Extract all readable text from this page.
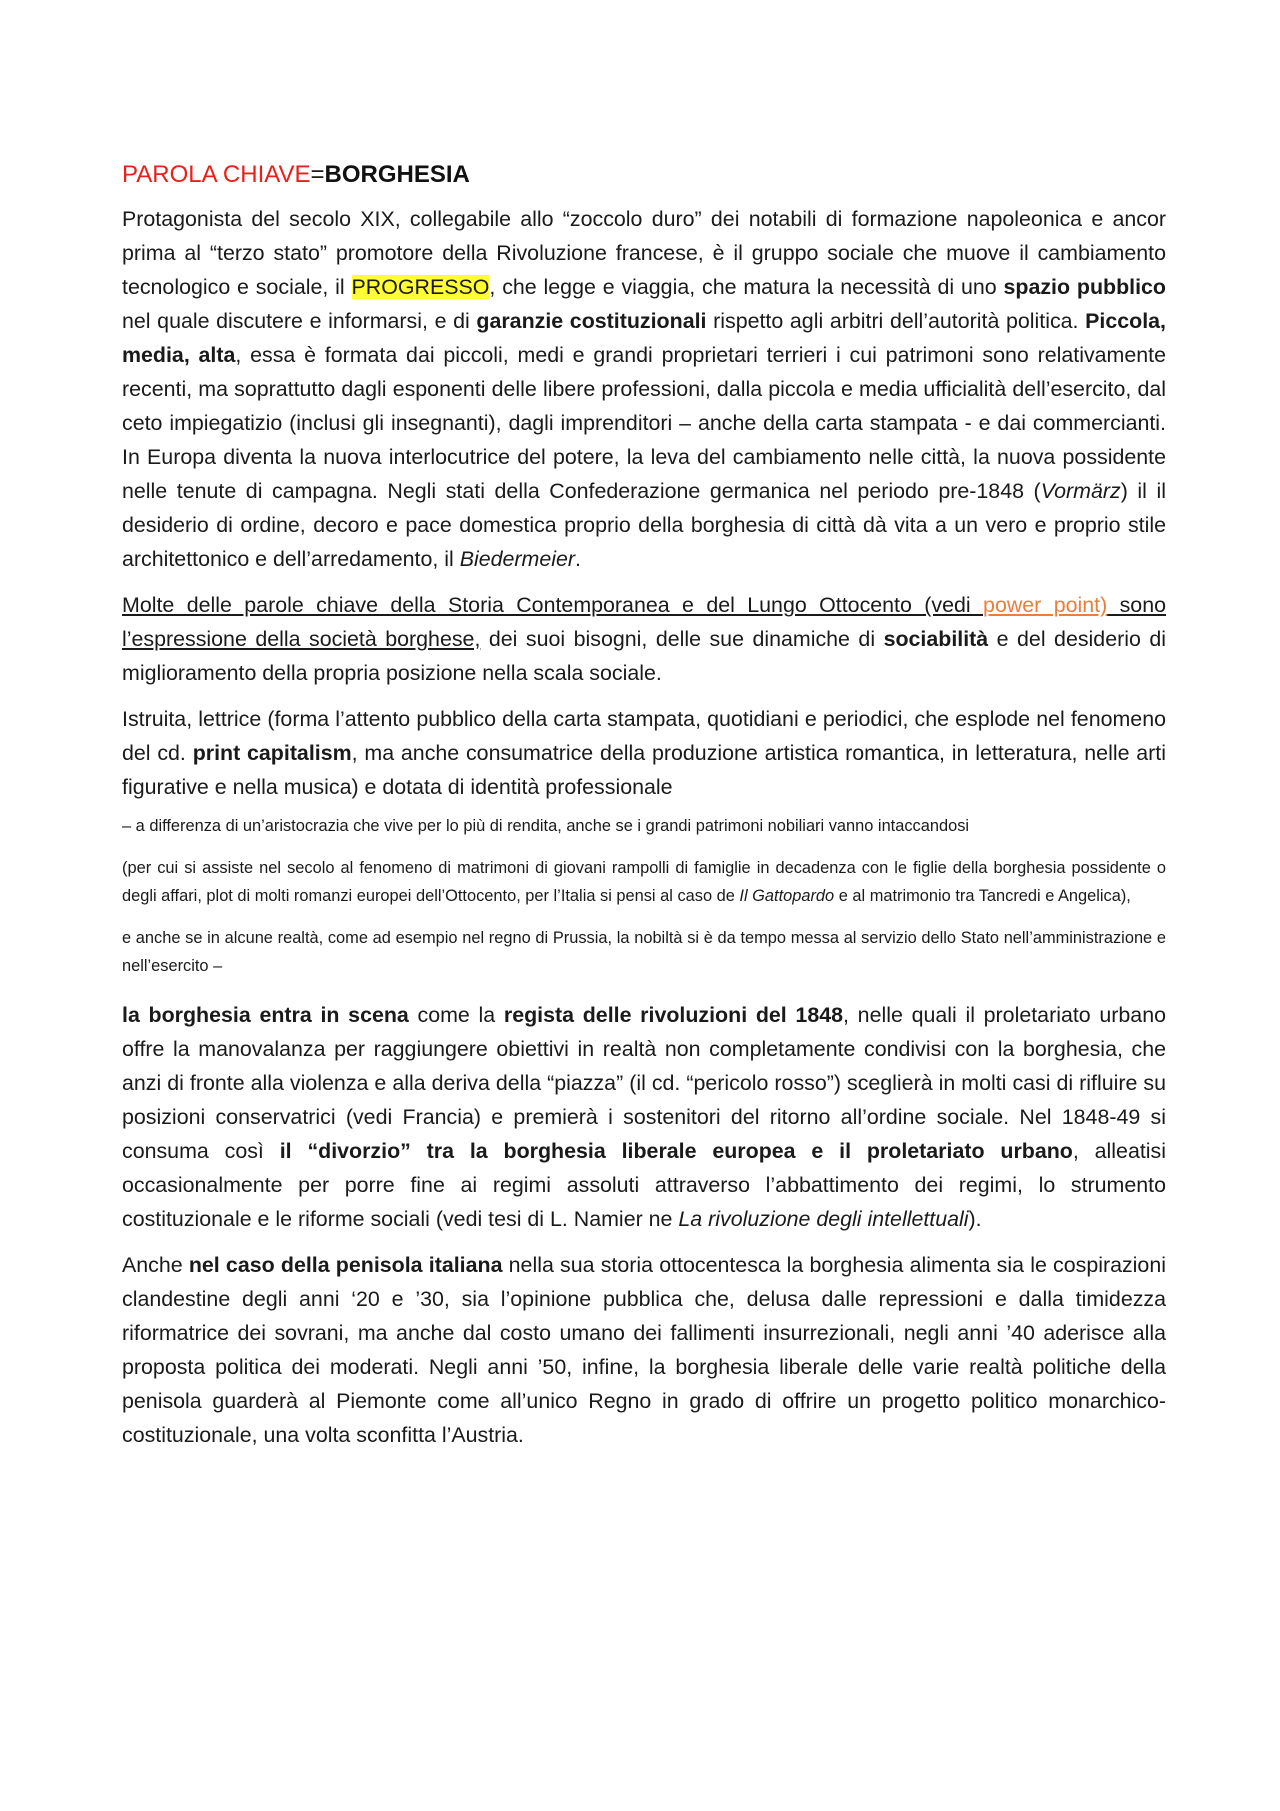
PAROLA CHIAVE=BORGHESIA

Protagonista del secolo XIX, collegabile allo “zoccolo duro” dei notabili di formazione napoleonica e ancor prima al “terzo stato” promotore della Rivoluzione francese, è il gruppo sociale che muove il cambiamento tecnologico e sociale, il PROGRESSO, che legge e viaggia, che matura la necessità di uno spazio pubblico nel quale discutere e informarsi, e di garanzie costituzionali rispetto agli arbitri dell’autorità politica. Piccola, media, alta, essa è formata dai piccoli, medi e grandi proprietari terrieri i cui patrimoni sono relativamente recenti, ma soprattutto dagli esponenti delle libere professioni, dalla piccola e media ufficialità dell’esercito, dal ceto impiegatizio (inclusi gli insegnanti), dagli imprenditori – anche della carta stampata - e dai commercianti. In Europa diventa la nuova interlocutrice del potere, la leva del cambiamento nelle città, la nuova possidente nelle tenute di campagna. Negli stati della Confederazione germanica nel periodo pre-1848 (Vormärz) il il desiderio di ordine, decoro e pace domestica proprio della borghesia di città dà vita a un vero e proprio stile architettonico e dell’arredamento, il Biedermeier.

Molte delle parole chiave della Storia Contemporanea e del Lungo Ottocento (vedi power point) sono l’espressione della società borghese, dei suoi bisogni, delle sue dinamiche di sociabilità e del desiderio di miglioramento della propria posizione nella scala sociale.

Istruita, lettrice (forma l’attento pubblico della carta stampata, quotidiani e periodici, che esplode nel fenomeno del cd. print capitalism, ma anche consumatrice della produzione artistica romantica, in letteratura, nelle arti figurative e nella musica) e dotata di identità professionale

– a differenza di un’aristocrazia che vive per lo più di rendita, anche se i grandi patrimoni nobiliari vanno intaccandosi

(per cui si assiste nel secolo al fenomeno di matrimoni di giovani rampolli di famiglie in decadenza con le figlie della borghesia possidente o degli affari, plot di molti romanzi europei dell’Ottocento, per l’Italia si pensi al caso de Il Gattopardo e al matrimonio tra Tancredi e Angelica),

e anche se in alcune realtà, come ad esempio nel regno di Prussia, la nobiltà si è da tempo messa al servizio dello Stato nell’amministrazione e nell’esercito –

la borghesia entra in scena come la regista delle rivoluzioni del 1848, nelle quali il proletariato urbano offre la manovalanza per raggiungere obiettivi in realtà non completamente condivisi con la borghesia, che anzi di fronte alla violenza e alla deriva della “piazza” (il cd. “pericolo rosso”) sceglierà in molti casi di rifluire su posizioni conservatrici (vedi Francia) e premierà i sostenitori del ritorno all’ordine sociale. Nel 1848-49 si consuma così il “divorzio” tra la borghesia liberale europea e il proletariato urbano, alleatisi occasionalmente per porre fine ai regimi assoluti attraverso l’abbattimento dei regimi, lo strumento costituzionale e le riforme sociali (vedi tesi di L. Namier ne La rivoluzione degli intellettuali).

Anche nel caso della penisola italiana nella sua storia ottocentesca la borghesia alimenta sia le cospirazioni clandestine degli anni ‘20 e ’30, sia l’opinione pubblica che, delusa dalle repressioni e dalla timidezza riformatrice dei sovrani, ma anche dal costo umano dei fallimenti insurrezionali, negli anni ’40 aderisce alla proposta politica dei moderati. Negli anni ’50, infine, la borghesia liberale delle varie realtà politiche della penisola guarderà al Piemonte come all’unico Regno in grado di offrire un progetto politico monarchico-costituzionale, una volta sconfitta l’Austria.
